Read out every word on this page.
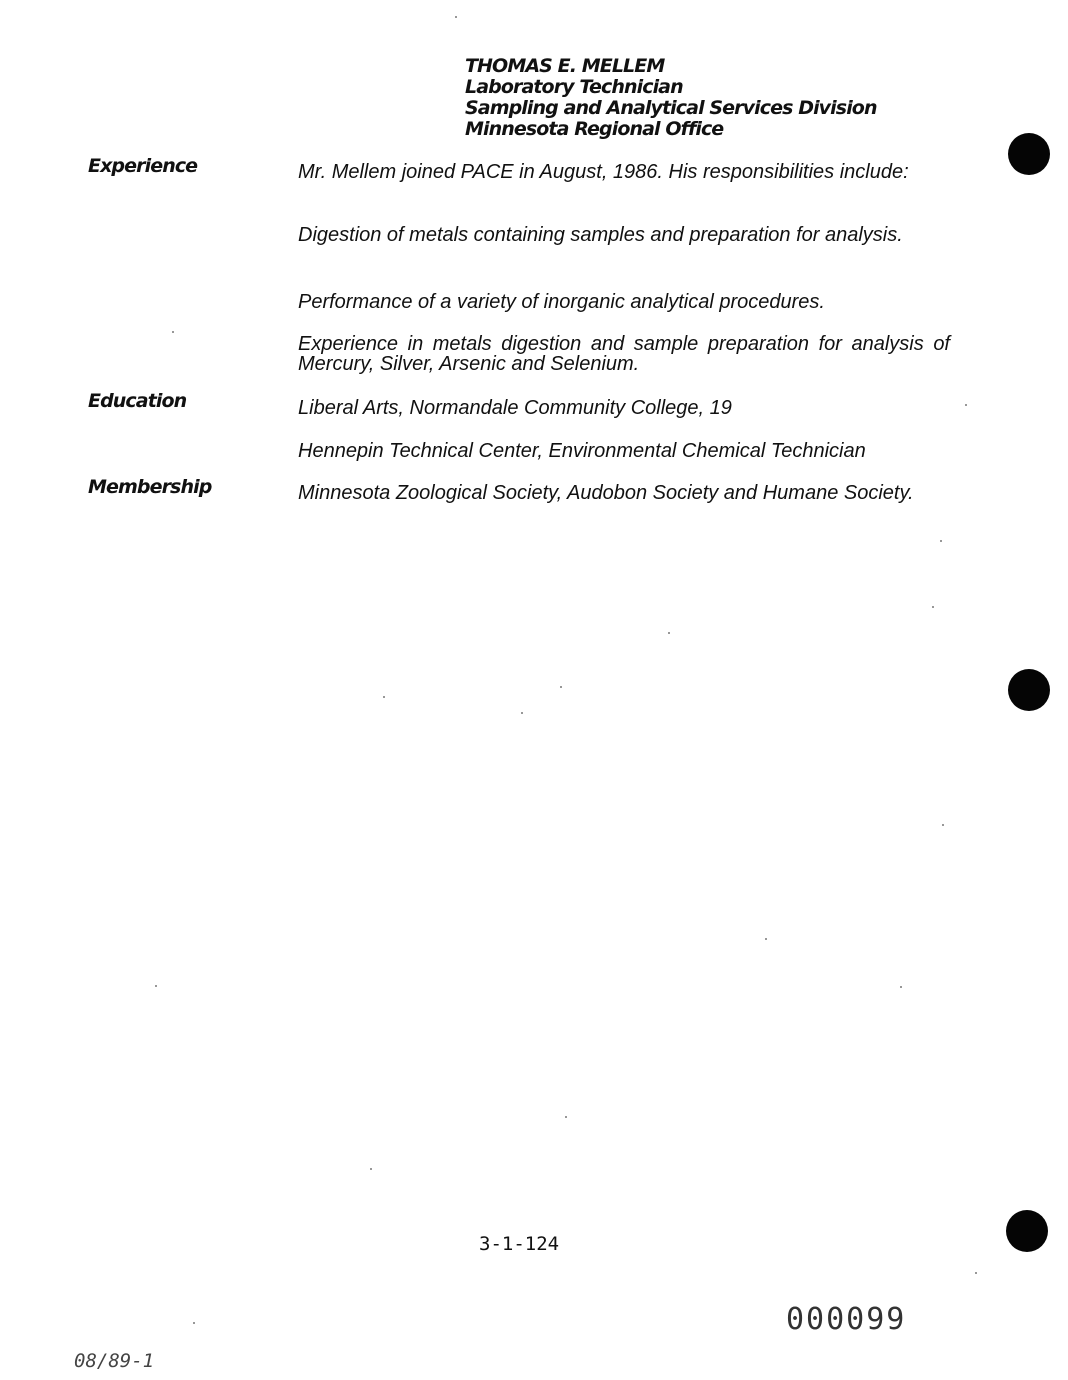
THOMAS E. MELLEM
Laboratory Technician
Sampling and Analytical Services Division
Minnesota Regional Office
Experience	Mr. Mellem joined PACE in August, 1986. His responsibilities include:
Digestion of metals containing samples and preparation for analysis.
Performance of a variety of inorganic analytical procedures.
Experience in metals digestion and sample preparation for analysis of Mercury, Silver, Arsenic and Selenium.
Education	Liberal Arts, Normandale Community College, 19
Hennepin Technical Center, Environmental Chemical Technician
Membership	Minnesota Zoological Society, Audobon Society and Humane Society.
3-1-124
000099
08/89-1
